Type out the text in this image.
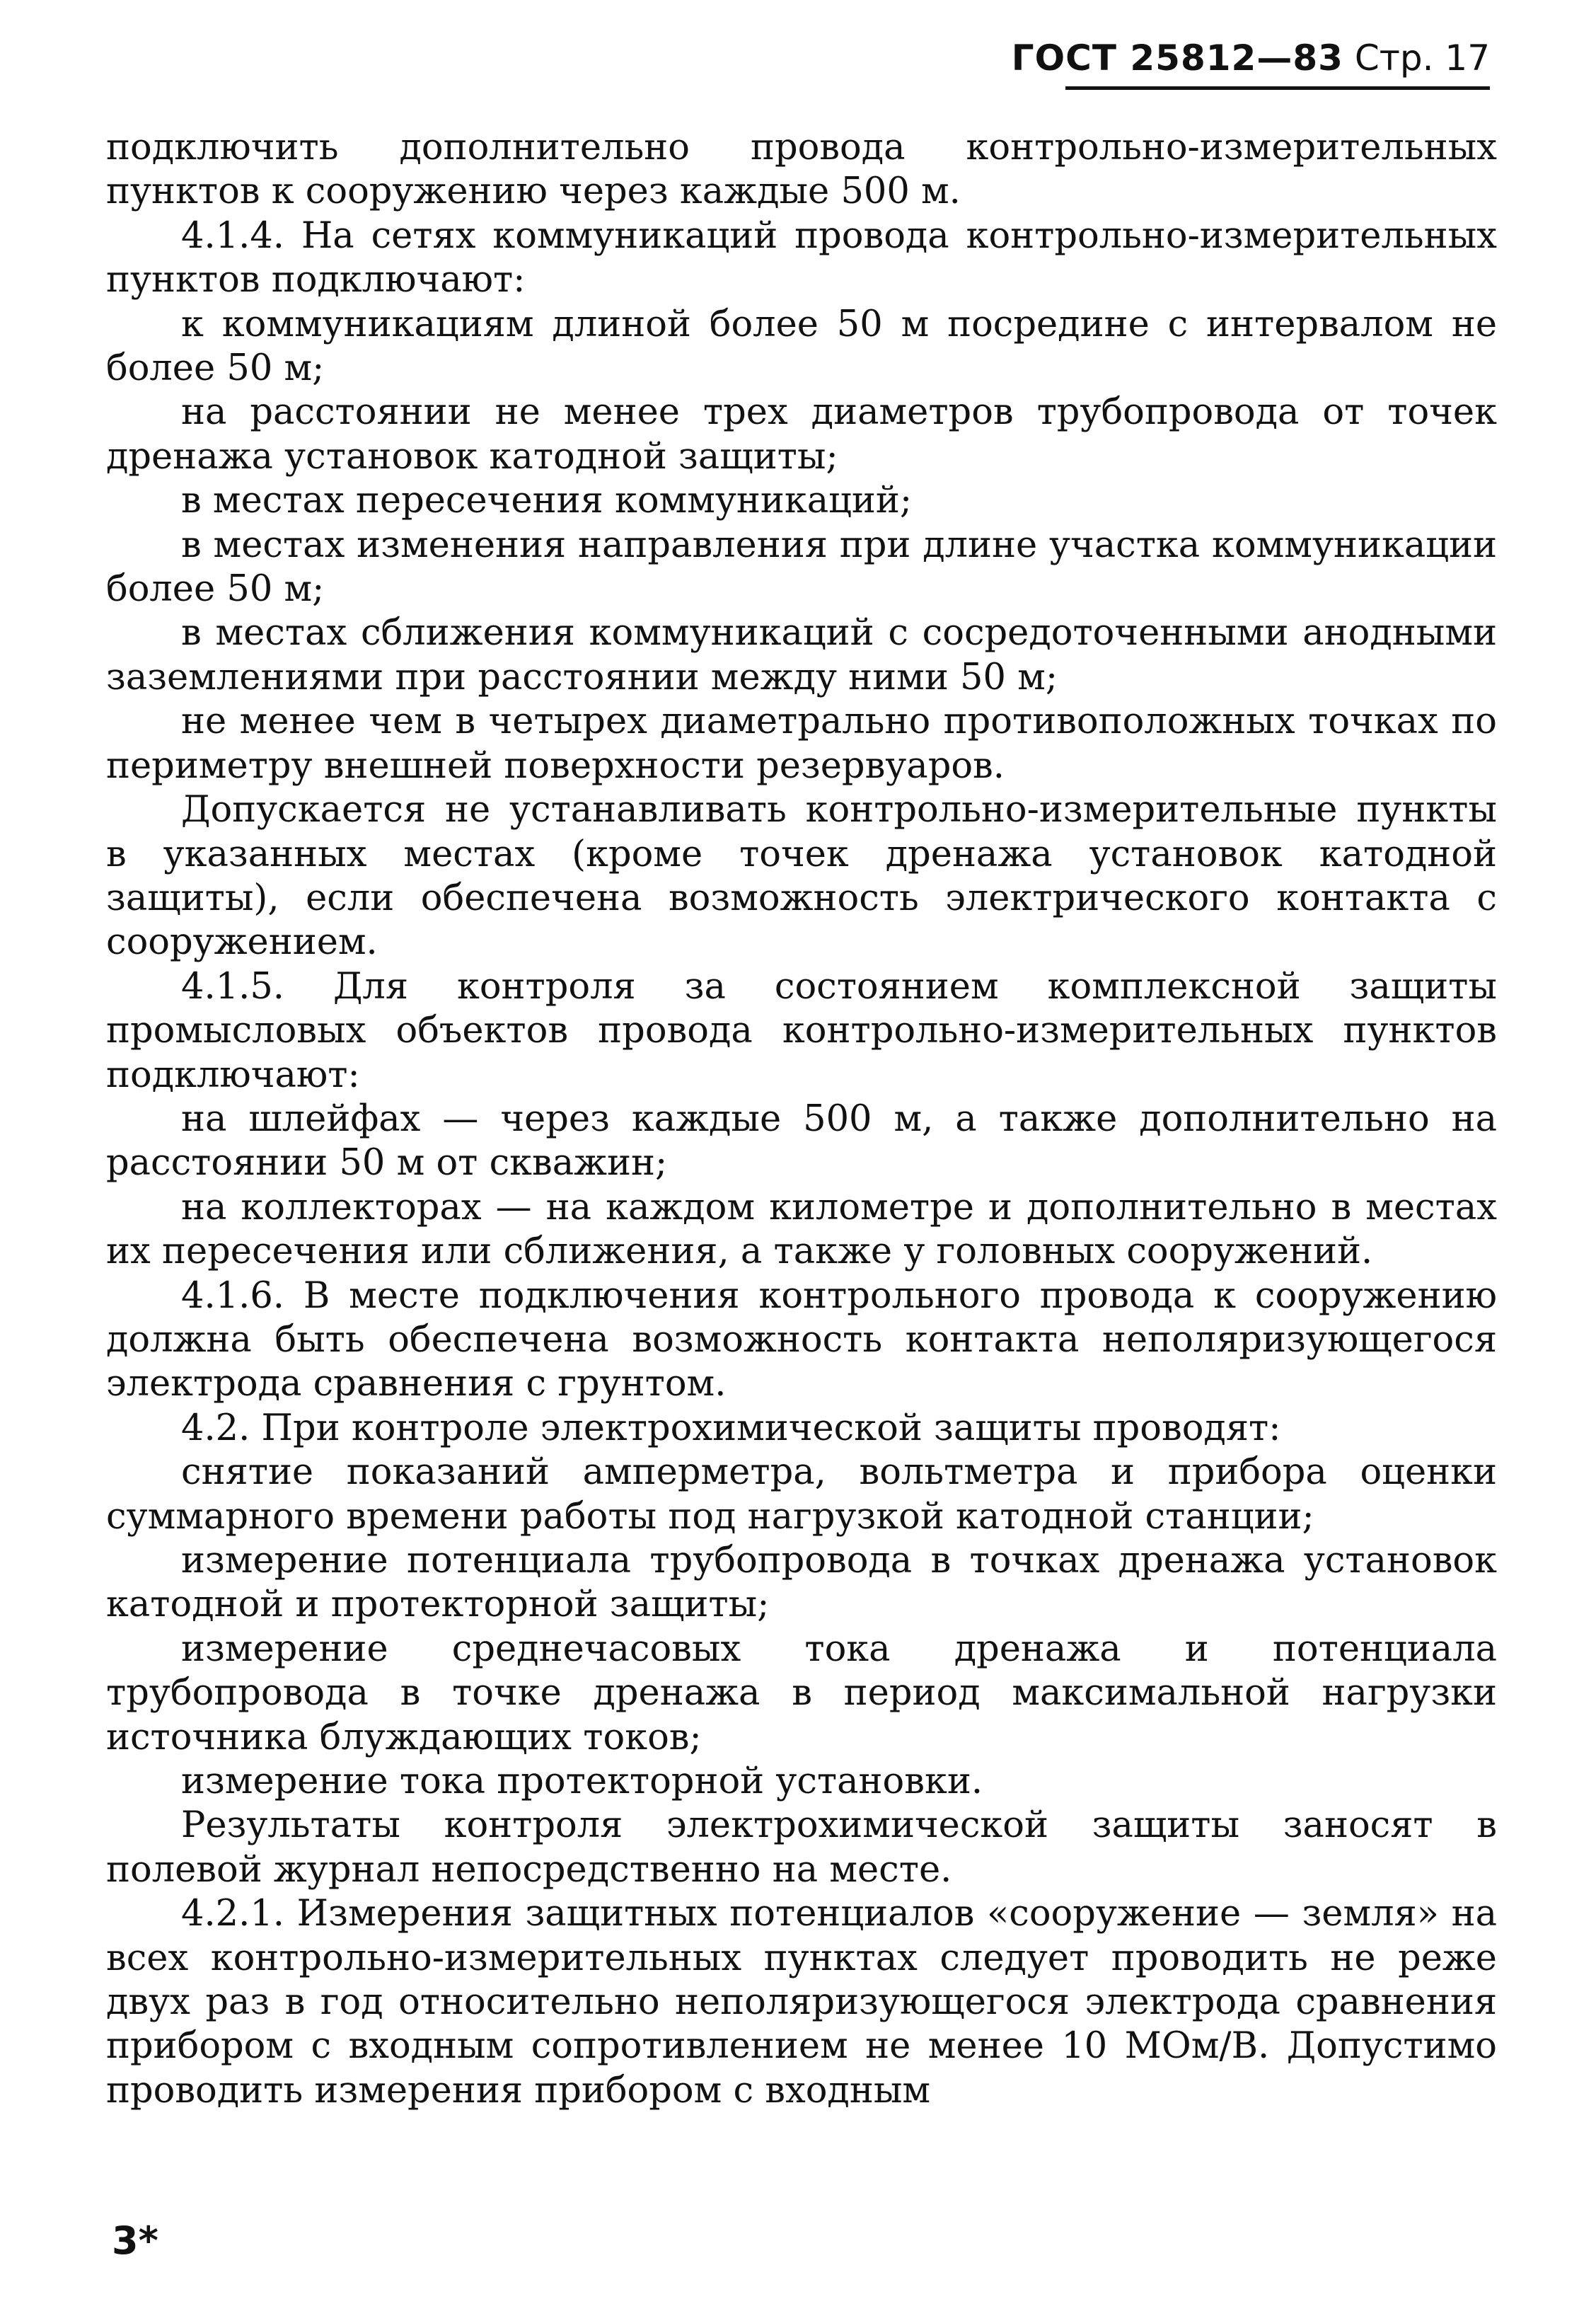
ГОСТ 25812—83 Стр. 17

подключить дополнительно провода контрольно-измерительных пунктов к сооружению через каждые 500 м.

4.1.4. На сетях коммуникаций провода контрольно-измерительных пунктов подключают:

к коммуникациям длиной более 50 м посредине с интервалом не более 50 м;

на расстоянии не менее трех диаметров трубопровода от точек дренажа установок катодной защиты;

в местах пересечения коммуникаций;

в местах изменения направления при длине участка коммуникации более 50 м;

в местах сближения коммуникаций с сосредоточенными анодными заземлениями при расстоянии между ними 50 м;

не менее чем в четырех диаметрально противоположных точках по периметру внешней поверхности резервуаров.

Допускается не устанавливать контрольно-измерительные пункты в указанных местах (кроме точек дренажа установок катодной защиты), если обеспечена возможность электрического контакта с сооружением.

4.1.5. Для контроля за состоянием комплексной защиты промысловых объектов провода контрольно-измерительных пунктов подключают:

на шлейфах — через каждые 500 м, а также дополнительно на расстоянии 50 м от скважин;

на коллекторах — на каждом километре и дополнительно в местах их пересечения или сближения, а также у головных сооружений.

4.1.6. В месте подключения контрольного провода к сооружению должна быть обеспечена возможность контакта неполяризующегося электрода сравнения с грунтом.

4.2. При контроле электрохимической защиты проводят:

снятие показаний амперметра, вольтметра и прибора оценки суммарного времени работы под нагрузкой катодной станции;

измерение потенциала трубопровода в точках дренажа установок катодной и протекторной защиты;

измерение среднечасовых тока дренажа и потенциала трубопровода в точке дренажа в период максимальной нагрузки источника блуждающих токов;

измерение тока протекторной установки.

Результаты контроля электрохимической защиты заносят в полевой журнал непосредственно на месте.

4.2.1. Измерения защитных потенциалов «сооружение — земля» на всех контрольно-измерительных пунктах следует проводить не реже двух раз в год относительно неполяризующегося электрода сравнения прибором с входным сопротивлением не менее 10 МОм/В. Допустимо проводить измерения прибором с входным

3*
